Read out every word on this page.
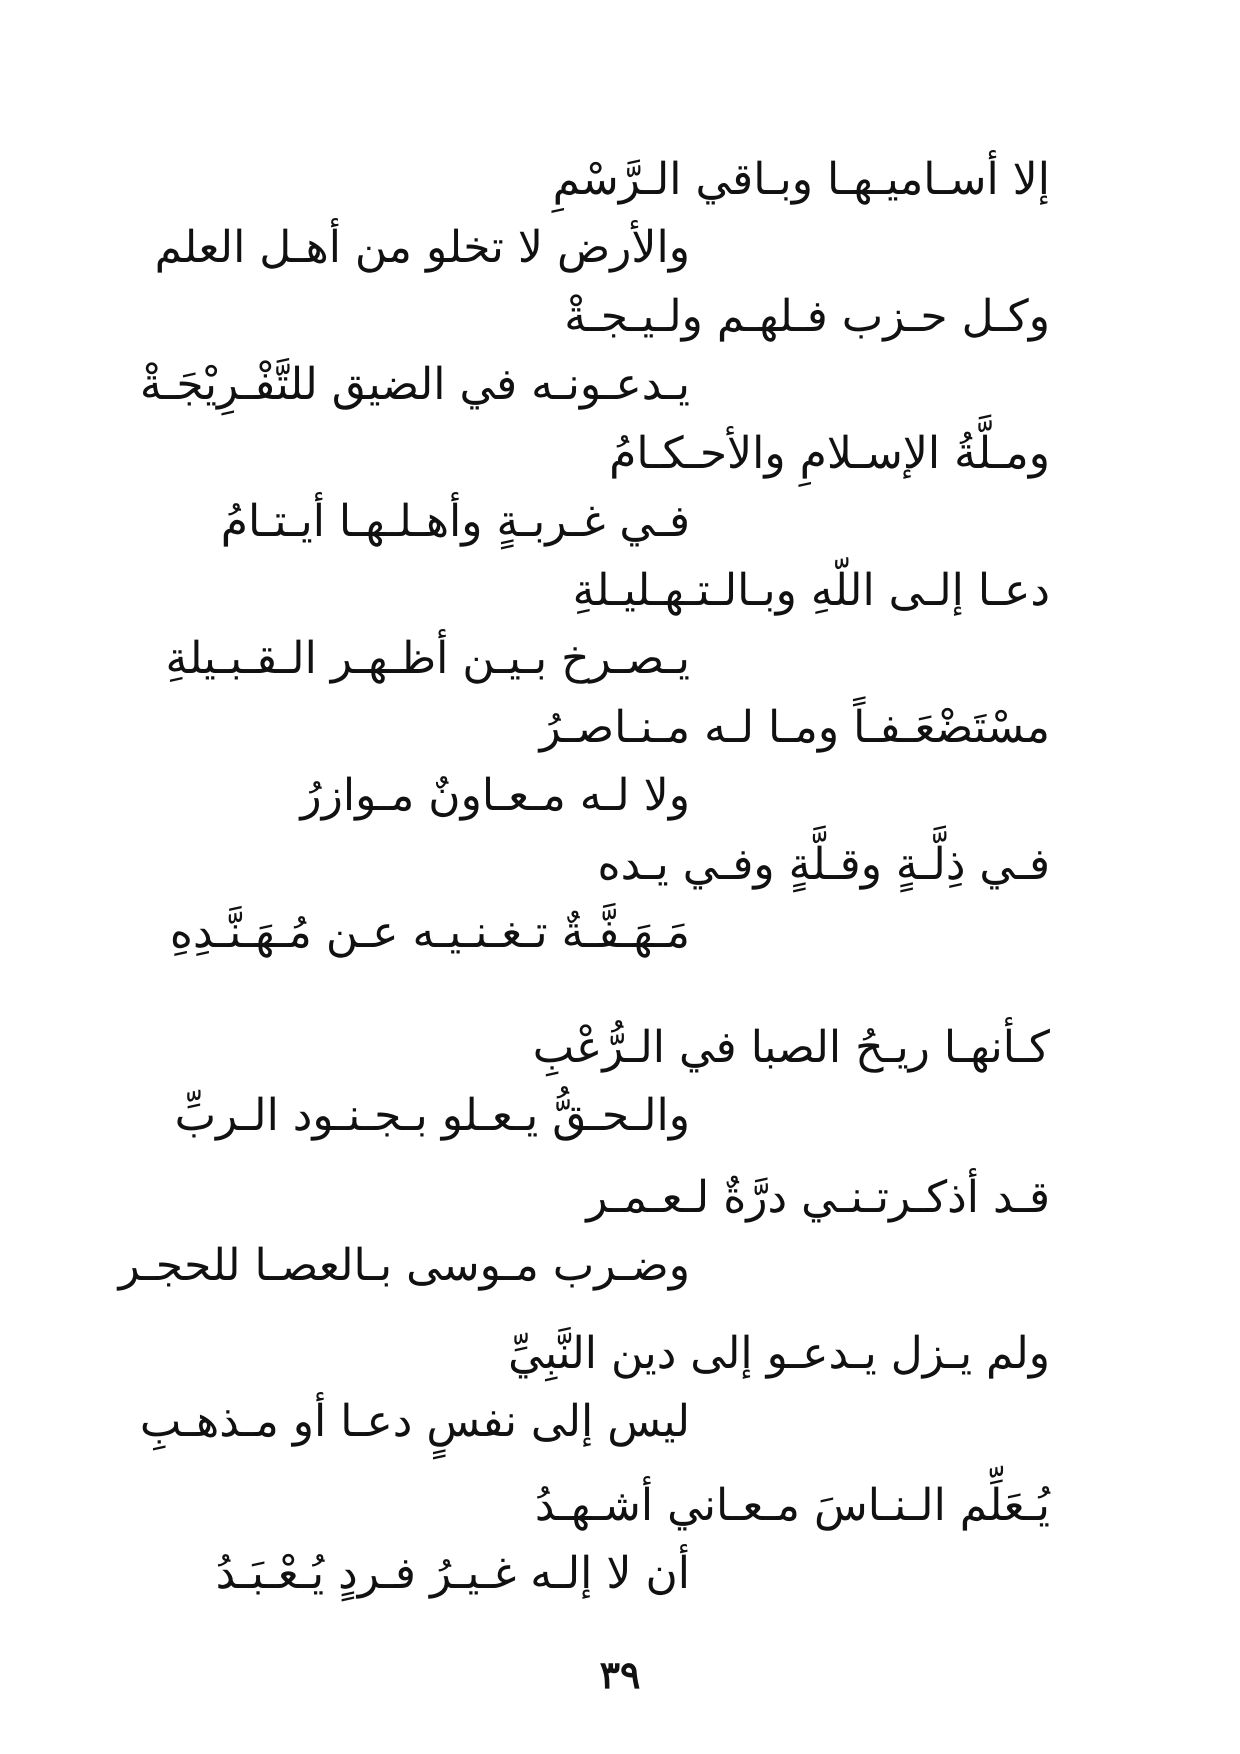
إلا أسـاميـهـا وبـاقي الـرَّسْمِ
والأرض لا تخلو من أهـل العلم
وكـل حـزب فـلهـم ولـيـجـةْ
يـدعـونـه في الضيق للتَّفْـرِيْجَـةْ
ومـلَّةُ الإسـلامِ والأحـكـامُ
فـي غـربـةٍ وأهـلـهـا أيـتـامُ
دعـا إلـى اللّهِ وبـالـتـهـليـلةِ
يـصـرخ بـيـن أظـهـر الـقـبـيلةِ
مسْتَضْعَـفـاً ومـا لـه مـنـاصـرُ
ولا لـه مـعـاونٌ مـوازرُ
فـي ذِلَّـةٍ وقـلَّةٍ وفـي يـده
مَـهَـفَّـةٌ تـغـنـيـه عـن مُـهَـنَّـدِهِ
كـأنهـا ريـحُ الصبا في الـرُّعْبِ
والـحـقُّ يـعـلو بـجـنـود الـربِّ
قـد أذكـرتـنـي درَّةٌ لـعـمـر
وضـرب مـوسى بـالعصـا للحجـر
ولم يـزل يـدعـو إلى دين النَّبِيِّ
ليس إلى نفسٍ دعـا أو مـذهـبِ
يُـعَلِّم الـنـاسَ مـعـاني أشـهـدُ
أن لا إلـه غـيـرُ فـردٍ يُـعْـبَـدُ
٣٩
